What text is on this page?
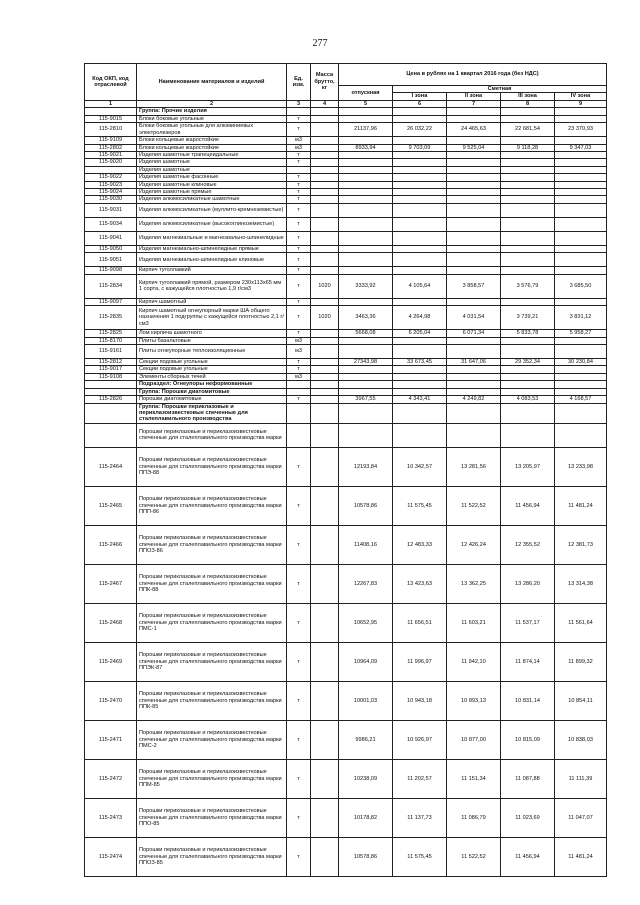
277
Код ОКП, код отраслевой	Наименование материалов и изделий	Ед. изм.	Масса брутто, кг	Цена в рублях на 1 квартал 2016 года (без НДС)				
				отпускная	Сметная			
					I зона	II зона	III зона	IV зона
1	2	3	4	5	6	7	8	9
	Группа: Прочие изделия							
115-9015	Блоки боковые угольные	т						
115-2810	Блоки боковые угольные для алюминиевых электролизеров	т		21137,96	26 032,22	24 465,63	22 681,54	23 370,93
115-9109	Блоки кольцевые жаростойкие	м3						
115-2802	Блоки кольцевые жаростойкие	м3		8933,94	9 703,09	9 525,04	9 118,28	9 347,03
115-9021	Изделия шамотные трапецеидальные	т						
115-9020	Изделия шамотные	т						
	Изделия шамотные							
115-9022	Изделия шамотные фасонные	т						
115-9023	Изделия шамотные клиновые	т						
115-9024	Изделия шамотные прямые	т						
115-9030	Изделия алюмосиликатные шамотные	т						
115-9031	Изделия алюмосиликатные (муллито-кремнеземистые)	т						
115-9034	Изделия алюмосиликатные (высокоглиноземистые)	т						
115-9041	Изделия магнезиальные и магнезиально-шпинелидные	т						
115-9050	Изделия магнезиально-шпинелидные прямые	т						
115-9051	Изделия магнезиально-шпинелидные клиновые	т						
115-9098	Кирпич туголлавкий	т						
115-2834	Кирпич тугоплавкий прямой, размером 230х113х65 мм 1 сорта, с кажущейся плотностью 1,9 г/см3	т	1020	3333,92	4 105,64	3 858,57	3 576,79	3 685,50
115-9097	Кирпич шамотный	т						
115-2835	Кирпич шамотный огнеупорный марки ША общего назначения 1 подгруппы с кажущейся плотностью 2,1 г/см3	т	1020	3463,36	4 264,98	4 031,54	3 739,21	3 831,12
115-2825	Лом кирпича шамотного	т		5668,08	6 205,04	6 071,34	5 833,78	5 958,27
115-8170	Плиты базальтовые	м3						
115-9161	Плиты огнеупорные теплоизоляционные	м3						
115-2812	Секции подовые угольные	т		27343,98	33 673,45	31 647,06	29 352,34	30 230,84
115-9017	Секции подовые угольные	т						
115-9108	Элементы сборных течей	м3						
	Подраздел: Огнеупоры неформованные							
	Группа: Порошки диатомитовые							
115-2826	Порошки диатомитовые	т		3967,55	4 343,41	4 249,82	4 083,53	4 168,57
	Группа: Порошки периклазовые и периклазоизвестковые спеченные для сталеплавильного производства							
	Порошки периклазовые и периклазоизвестковые спеченные для сталеплавильного производства марки							
115-2464	Порошки периклазовые и периклазоизвестковые спеченные для сталеплавильного производства марки ППЭ-88	т		12193,84	10 342,57	13 281,56	13 205,97	13 233,98
115-2465	Порошки периклазовые и периклазоизвестковые спеченные для сталеплавильного производства марки ППП-86	т		10578,86	11 575,45	11 522,52	11 456,94	11 481,24
115-2466	Порошки периклазовые и периклазоизвестковые спеченные для сталеплавильного производства марки ППОЗ-86	т		11408,16	12 483,33	12 426,24	12 355,52	12 381,73
115-2467	Порошки периклазовые и периклазоизвестковые спеченные для сталеплавильного производства марки ППК-88	т		12267,83	13 423,63	13 362,25	13 286,20	13 314,38
115-2468	Порошки периклазовые и периклазоизвестковые спеченные для сталеплавильного производства марки ПМС-1	т		10652,95	11 656,51	11 603,21	11 537,17	11 561,64
115-2469	Порошки периклазовые и периклазоизвестковые спеченные для сталеплавильного производства марки ППЭК-87	т		10964,09	11 996,97	11 942,10	11 874,14	11 899,32
115-2470	Порошки периклазовые и периклазоизвестковые спеченные для сталеплавильного производства марки ППК-85	т		10001,03	10 943,18	10 893,13	10 831,14	10 854,11
115-2471	Порошки периклазовые и периклазоизвестковые спеченные для сталеплавильного производства марки ПМС-2	т		9986,21	10 926,97	10 877,00	10 815,09	10 838,03
115-2472	Порошки периклазовые и периклазоизвестковые спеченные для сталеплавильного производства марки ППМ-85	т		10238,09	11 202,57	11 151,34	11 087,88	11 111,39
115-2473	Порошки периклазовые и периклазоизвестковые спеченные для сталеплавильного производства марки ППО-85	т		10178,82	11 137,73	11 086,79	11 023,69	11 047,07
115-2474	Порошки периклазовые и периклазоизвестковые спеченные для сталеплавильного производства марки ППОЗ-85	т		10578,86	11 575,45	11 522,52	11 456,94	11 481,24
